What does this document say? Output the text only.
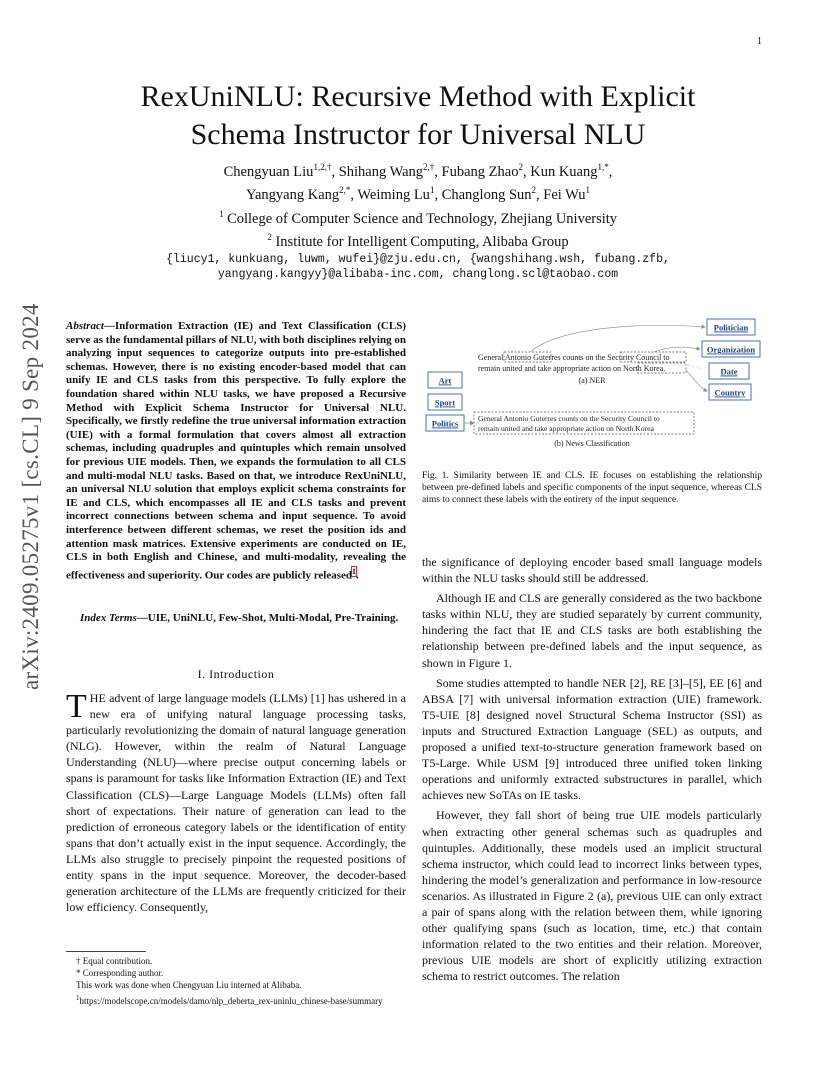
1
RexUniNLU: Recursive Method with Explicit
Schema Instructor for Universal NLU
Chengyuan Liu$^{1,2,\dagger}$, Shihang Wang$^{2,\dagger}$, Fubang Zhao$^2$, Kun Kuang$^{1,*}$,
Yangyang Kang$^{2,*}$, Weiming Lu$^1$, Changlong Sun$^2$, Fei Wu$^1$
$^1$ College of Computer Science and Technology, Zhejiang University
$^2$ Institute for Intelligent Computing, Alibaba Group
{liucy1, kunkuang, luwm, wufei}@zju.edu.cn, {wangshihang.wsh, fubang.zfb,
yangyang.kangyy}@alibaba-inc.com, changlong.scl@taobao.com
arXiv:2409.05275v1 [cs.CL] 9 Sep 2024 Abstract—Information Extraction (IE) and Text Classification (CLS) serve as the fundamental pillars of NLU, with both disciplines relying on analyzing input sequences to categorize outputs into pre-established schemas. However, there is no existing encoder-based model that can unify IE and CLS tasks from this perspective. To fully explore the foundation shared within NLU tasks, we have proposed a Recursive Method with Explicit Schema Instructor for Universal NLU. Specifically, we firstly redefine the true universal information extraction (UIE) with a formal formulation that covers almost all extraction schemas, including quadruples and quintuples which remain unsolved for previous UIE models. Then, we expands the formulation to all CLS and multi-modal NLU tasks. Based on that, we introduce RexUniNLU, an universal NLU solution that employs explicit schema constraints for IE and CLS, which encompasses all IE and CLS tasks and prevent incorrect connections between schema and input sequence. To avoid interference between different schemas, we reset the position ids and attention mask matrices. Extensive experiments are conducted on IE, CLS in both English and Chinese, and multi-modality, revealing the effectiveness and superiority. Our codes are publicly released$^1$.
Index Terms—UIE, UniNLU, Few-Shot, Multi-Modal, Pre-Training.
I. Introduction
THE advent of large language models (LLMs) [1] has ushered in a new era of unifying natural language processing tasks, particularly revolutionizing the domain of natural language generation (NLG). However, within the realm of Natural Language Understanding (NLU)—where precise output concerning labels or spans is paramount for tasks like Information Extraction (IE) and Text Classification (CLS)—Large Language Models (LLMs) often fall short of expectations. Their nature of generation can lead to the prediction of erroneous category labels or the identification of entity spans that don’t actually exist in the input sequence. Accordingly, the LLMs also struggle to precisely pinpoint the requested positions of entity spans in the input sequence. Moreover, the decoder-based generation architecture of the LLMs are frequently criticized for their low efficiency. Consequently,
† Equal contribution.
* Corresponding author.
This work was done when Chengyuan Liu interned at Alibaba.
$^1$https://modelscope.cn/models/damo/nlp_deberta_rex-uninlu_chinese-base/summary
Politician
Organization
Date
Country
General Antonio Guterres counts on the Security Council to
remain united and take appropriate action on North Korea.
(a) NER
Art
Sport
Politics	General Antonio Guterres counts on the Security Council to
remain united and take appropriate action on North Korea
(b) News Classification
Fig. 1. Similarity between IE and CLS. IE focuses on establishing the relationship between pre-defined labels and specific components of the input sequence, whereas CLS aims to connect these labels with the entirety of the input sequence.

the significance of deploying encoder based small language models within the NLU tasks should still be addressed.

Although IE and CLS are generally considered as the two backbone tasks within NLU, they are studied separately by current community, hindering the fact that IE and CLS tasks are both establishing the relationship between pre-defined labels and the input sequence, as shown in Figure 1.

Some studies attempted to handle NER [2], RE [3]–[5], EE [6] and ABSA [7] with universal information extraction (UIE) framework. T5-UIE [8] designed novel Structural Schema Instructor (SSI) as inputs and Structured Extraction Language (SEL) as outputs, and proposed a unified text-to-structure generation framework based on T5-Large. While USM [9] introduced three unified token linking operations and uniformly extracted substructures in parallel, which achieves new SoTAs on IE tasks.

However, they fall short of being true UIE models particularly when extracting other general schemas such as quadruples and quintuples. Additionally, these models used an implicit structural schema instructor, which could lead to incorrect links between types, hindering the model’s generalization and performance in low-resource scenarios. As illustrated in Figure 2 (a), previous UIE can only extract a pair of spans along with the relation between them, while ignoring other qualifying spans (such as location, time, etc.) that contain information related to the two entities and their relation. Moreover, previous UIE models are short of explicitly utilizing extraction schema to restrict outcomes. The relation
